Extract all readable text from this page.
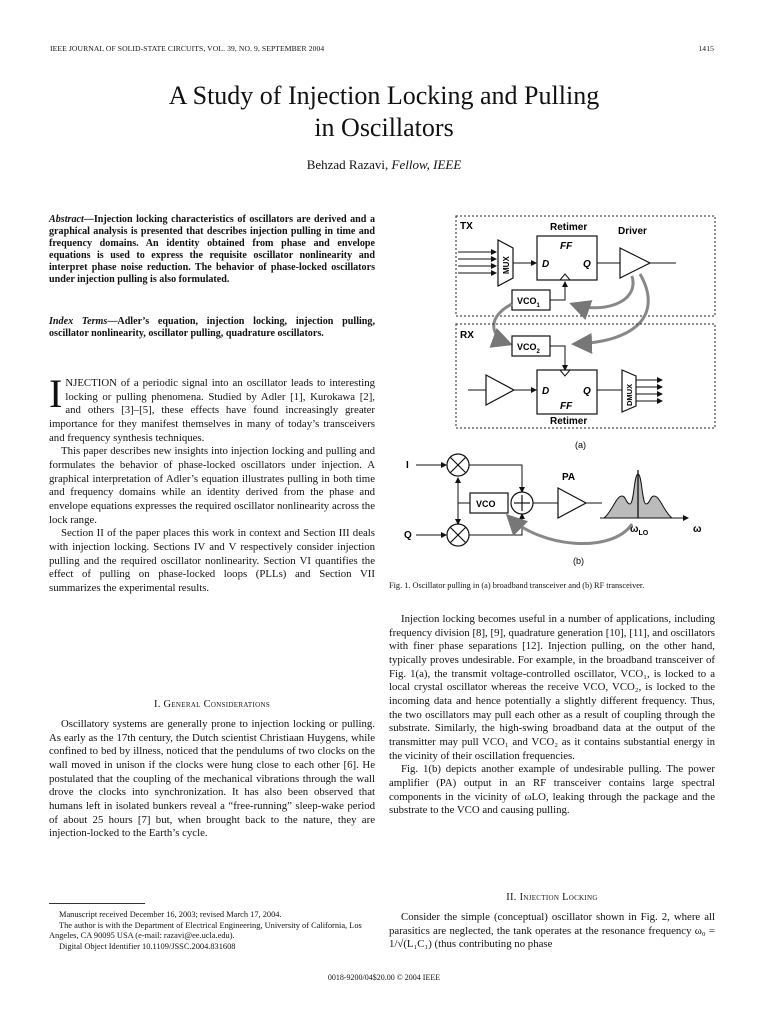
IEEE JOURNAL OF SOLID-STATE CIRCUITS, VOL. 39, NO. 9, SEPTEMBER 2004	1415
A Study of Injection Locking and Pulling
in Oscillators
Behzad Razavi, Fellow, IEEE
Abstract—Injection locking characteristics of oscillators are derived and a graphical analysis is presented that describes injection pulling in time and frequency domains. An identity obtained from phase and envelope equations is used to express the requisite oscillator nonlinearity and interpret phase noise reduction. The behavior of phase-locked oscillators under injection pulling is also formulated.
Index Terms—Adler’s equation, injection locking, injection pulling, oscillator nonlinearity, oscillator pulling, quadrature oscillators.

INJECTION of a periodic signal into an oscillator leads to interesting locking or pulling phenomena. Studied by Adler [1], Kurokawa [2], and others [3]–[5], these effects have found increasingly greater importance for they manifest themselves in many of today’s transceivers and frequency synthesis techniques.

This paper describes new insights into injection locking and pulling and formulates the behavior of phase-locked oscillators under injection. A graphical interpretation of Adler’s equation illustrates pulling in both time and frequency domains while an identity derived from the phase and envelope equations expresses the required oscillator nonlinearity across the lock range.

Section II of the paper places this work in context and Section III deals with injection locking. Sections IV and V respectively consider injection pulling and the required oscillator nonlinearity. Section VI quantifies the effect of pulling on phase-locked loops (PLLs) and Section VII summarizes the experimental results.

I. General Considerations

Oscillatory systems are generally prone to injection locking or pulling. As early as the 17th century, the Dutch scientist Christiaan Huygens, while confined to bed by illness, noticed that the pendulums of two clocks on the wall moved in unison if the clocks were hung close to each other [6]. He postulated that the coupling of the mechanical vibrations through the wall drove the clocks into synchronization. It has also been observed that humans left in isolated bunkers reveal a “free-running” sleep-wake period of about 25 hours [7] but, when brought back to the nature, they are injection-locked to the Earth’s cycle.

Manuscript received December 16, 2003; revised March 17, 2004.

The author is with the Department of Electrical Engineering, University of California, Los Angeles, CA 90095 USA (e-mail: razavi@ee.ucla.edu).

Digital Object Identifier 10.1109/JSSC.2004.831608

0018-9200/04$20.00 © 2004 IEEE
TX	Retimer	Driver
MUX
FF
D	Q
$VCO_1$
RX
$VCO_2$
D	Q
FF
Retimer
DMUX
(a)
I
Q
VCO
PA
$\omega_{LO}$	ω
(b)
Fig. 1. Oscillator pulling in (a) broadband transceiver and (b) RF transceiver.

Injection locking becomes useful in a number of applications, including frequency division [8], [9], quadrature generation [10], [11], and oscillators with finer phase separations [12]. Injection pulling, on the other hand, typically proves undesirable. For example, in the broadband transceiver of Fig. 1(a), the transmit voltage-controlled oscillator, VCO₁, is locked to a local crystal oscillator whereas the receive VCO, VCO₂, is locked to the incoming data and hence potentially a slightly different frequency. Thus, the two oscillators may pull each other as a result of coupling through the substrate. Similarly, the high-swing broadband data at the output of the transmitter may pull VCO₁ and VCO₂ as it contains substantial energy in the vicinity of their oscillation frequencies.

Fig. 1(b) depicts another example of undesirable pulling. The power amplifier (PA) output in an RF transceiver contains large spectral components in the vicinity of ωLO, leaking through the package and the substrate to the VCO and causing pulling.

II. Injection Locking

Consider the simple (conceptual) oscillator shown in Fig. 2, where all parasitics are neglected, the tank operates at the resonance frequency ω₀ = 1/√(L₁C₁) (thus contributing no phase
